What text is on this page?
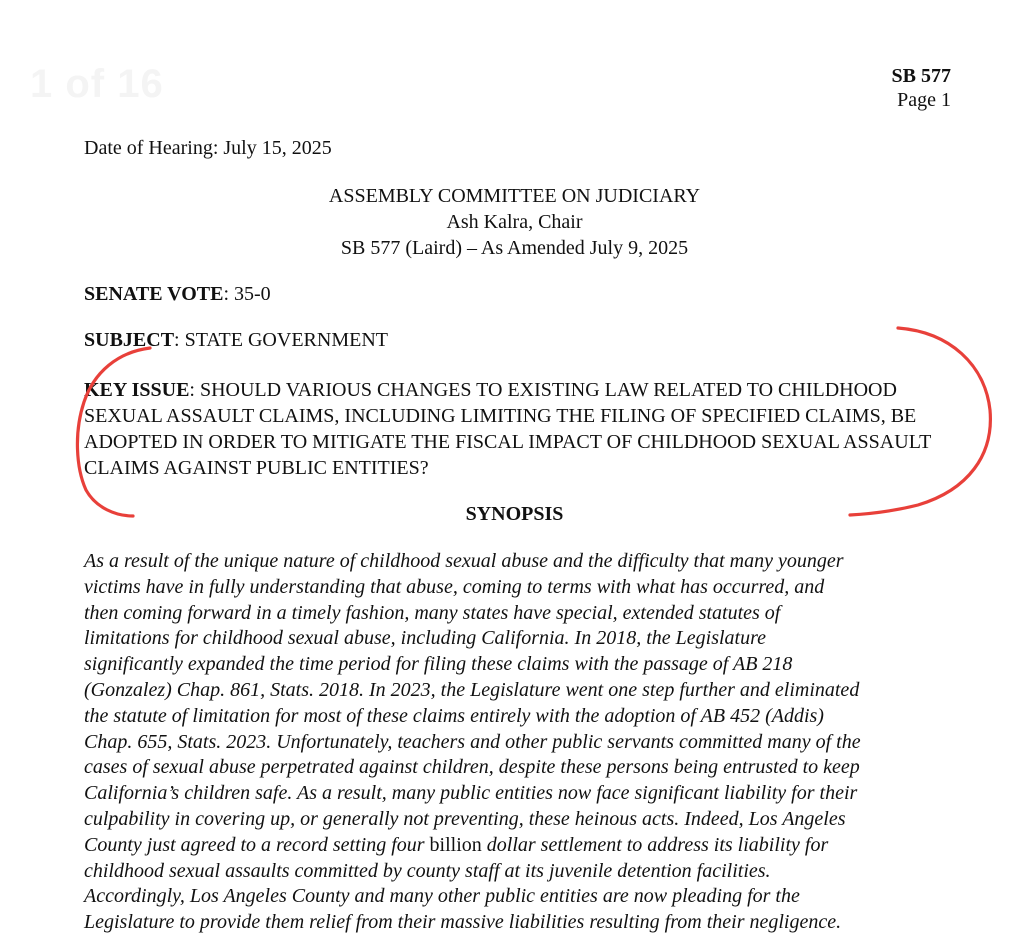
1 of 16	SB 577
Page 1
Date of Hearing: July 15, 2025
ASSEMBLY COMMITTEE ON JUDICIARY
Ash Kalra, Chair
SB 577 (Laird) – As Amended July 9, 2025
SENATE VOTE: 35-0
SUBJECT: STATE GOVERNMENT
KEY ISSUE: SHOULD VARIOUS CHANGES TO EXISTING LAW RELATED TO CHILDHOOD SEXUAL ASSAULT CLAIMS, INCLUDING LIMITING THE FILING OF SPECIFIED CLAIMS, BE ADOPTED IN ORDER TO MITIGATE THE FISCAL IMPACT OF CHILDHOOD SEXUAL ASSAULT CLAIMS AGAINST PUBLIC ENTITIES?
SYNOPSIS
As a result of the unique nature of childhood sexual abuse and the difficulty that many younger
victims have in fully understanding that abuse, coming to terms with what has occurred, and
then coming forward in a timely fashion, many states have special, extended statutes of
limitations for childhood sexual abuse, including California. In 2018, the Legislature
significantly expanded the time period for filing these claims with the passage of AB 218
(Gonzalez) Chap. 861, Stats. 2018. In 2023, the Legislature went one step further and eliminated
the statute of limitation for most of these claims entirely with the adoption of AB 452 (Addis)
Chap. 655, Stats. 2023. Unfortunately, teachers and other public servants committed many of the
cases of sexual abuse perpetrated against children, despite these persons being entrusted to keep
California’s children safe. As a result, many public entities now face significant liability for their
culpability in covering up, or generally not preventing, these heinous acts. Indeed, Los Angeles
County just agreed to a record setting four billion dollar settlement to address its liability for
childhood sexual assaults committed by county staff at its juvenile detention facilities.
Accordingly, Los Angeles County and many other public entities are now pleading for the
Legislature to provide them relief from their massive liabilities resulting from their negligence.
